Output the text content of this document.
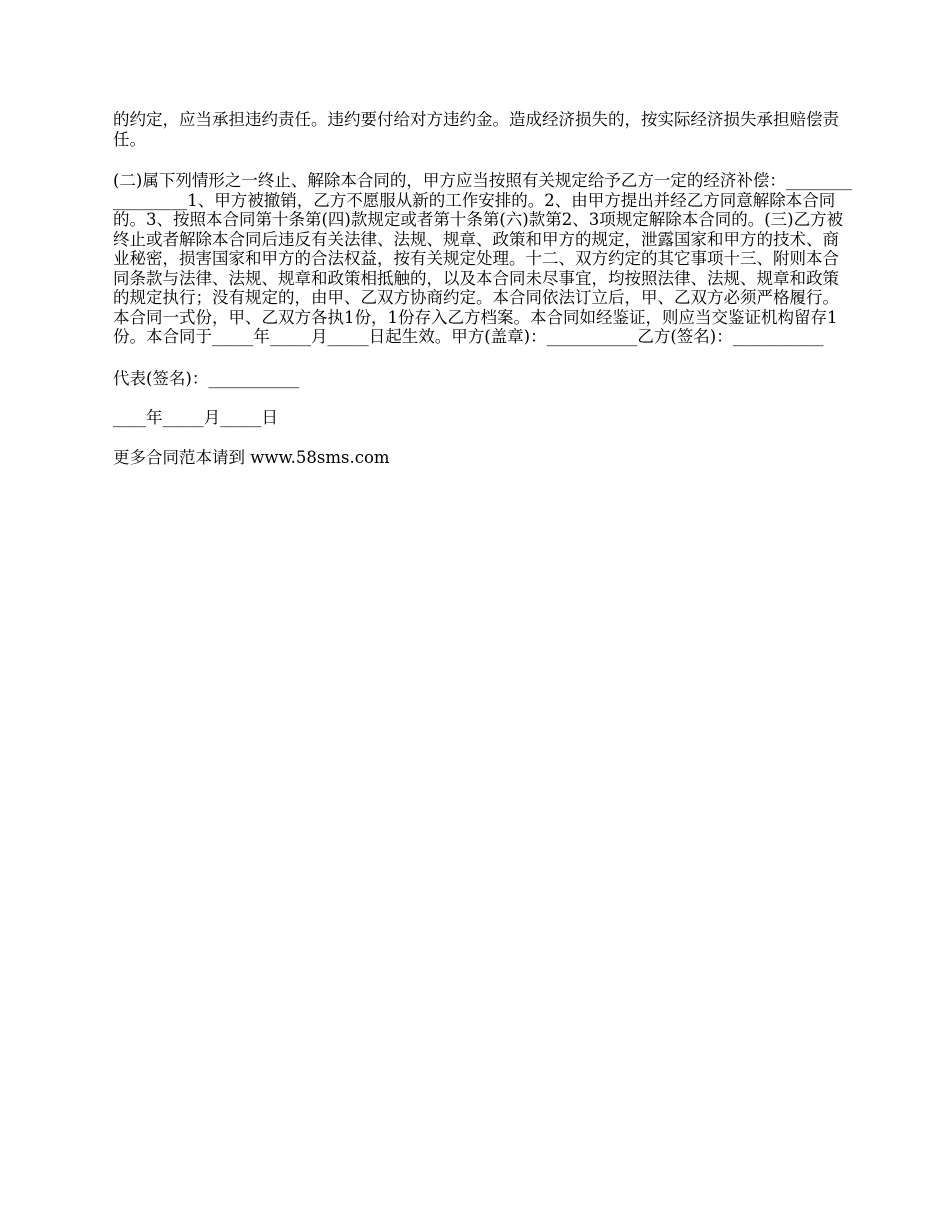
的约定，应当承担违约责任。违约要付给对方违约金。造成经济损失的，按实际经济损失承担赔偿责任。

(二)属下列情形之一终止、解除本合同的，甲方应当按照有关规定给予乙方一定的经济补偿：_________________1、甲方被撤销，乙方不愿服从新的工作安排的。2、由甲方提出并经乙方同意解除本合同的。3、按照本合同第十条第(四)款规定或者第十条第(六)款第2、3项规定解除本合同的。(三)乙方被终止或者解除本合同后违反有关法律、法规、规章、政策和甲方的规定，泄露国家和甲方的技术、商业秘密，损害国家和甲方的合法权益，按有关规定处理。十二、双方约定的其它事项十三、附则本合同条款与法律、法规、规章和政策相抵触的，以及本合同未尽事宜，均按照法律、法规、规章和政策的规定执行；没有规定的，由甲、乙双方协商约定。本合同依法订立后，甲、乙双方必须严格履行。本合同一式份，甲、乙双方各执1份，1份存入乙方档案。本合同如经鉴证，则应当交鉴证机构留存1份。本合同于_____年_____月_____日起生效。甲方(盖章)：___________乙方(签名)：___________

代表(签名)：___________

____年_____月_____日

更多合同范本请到 www.58sms.com
